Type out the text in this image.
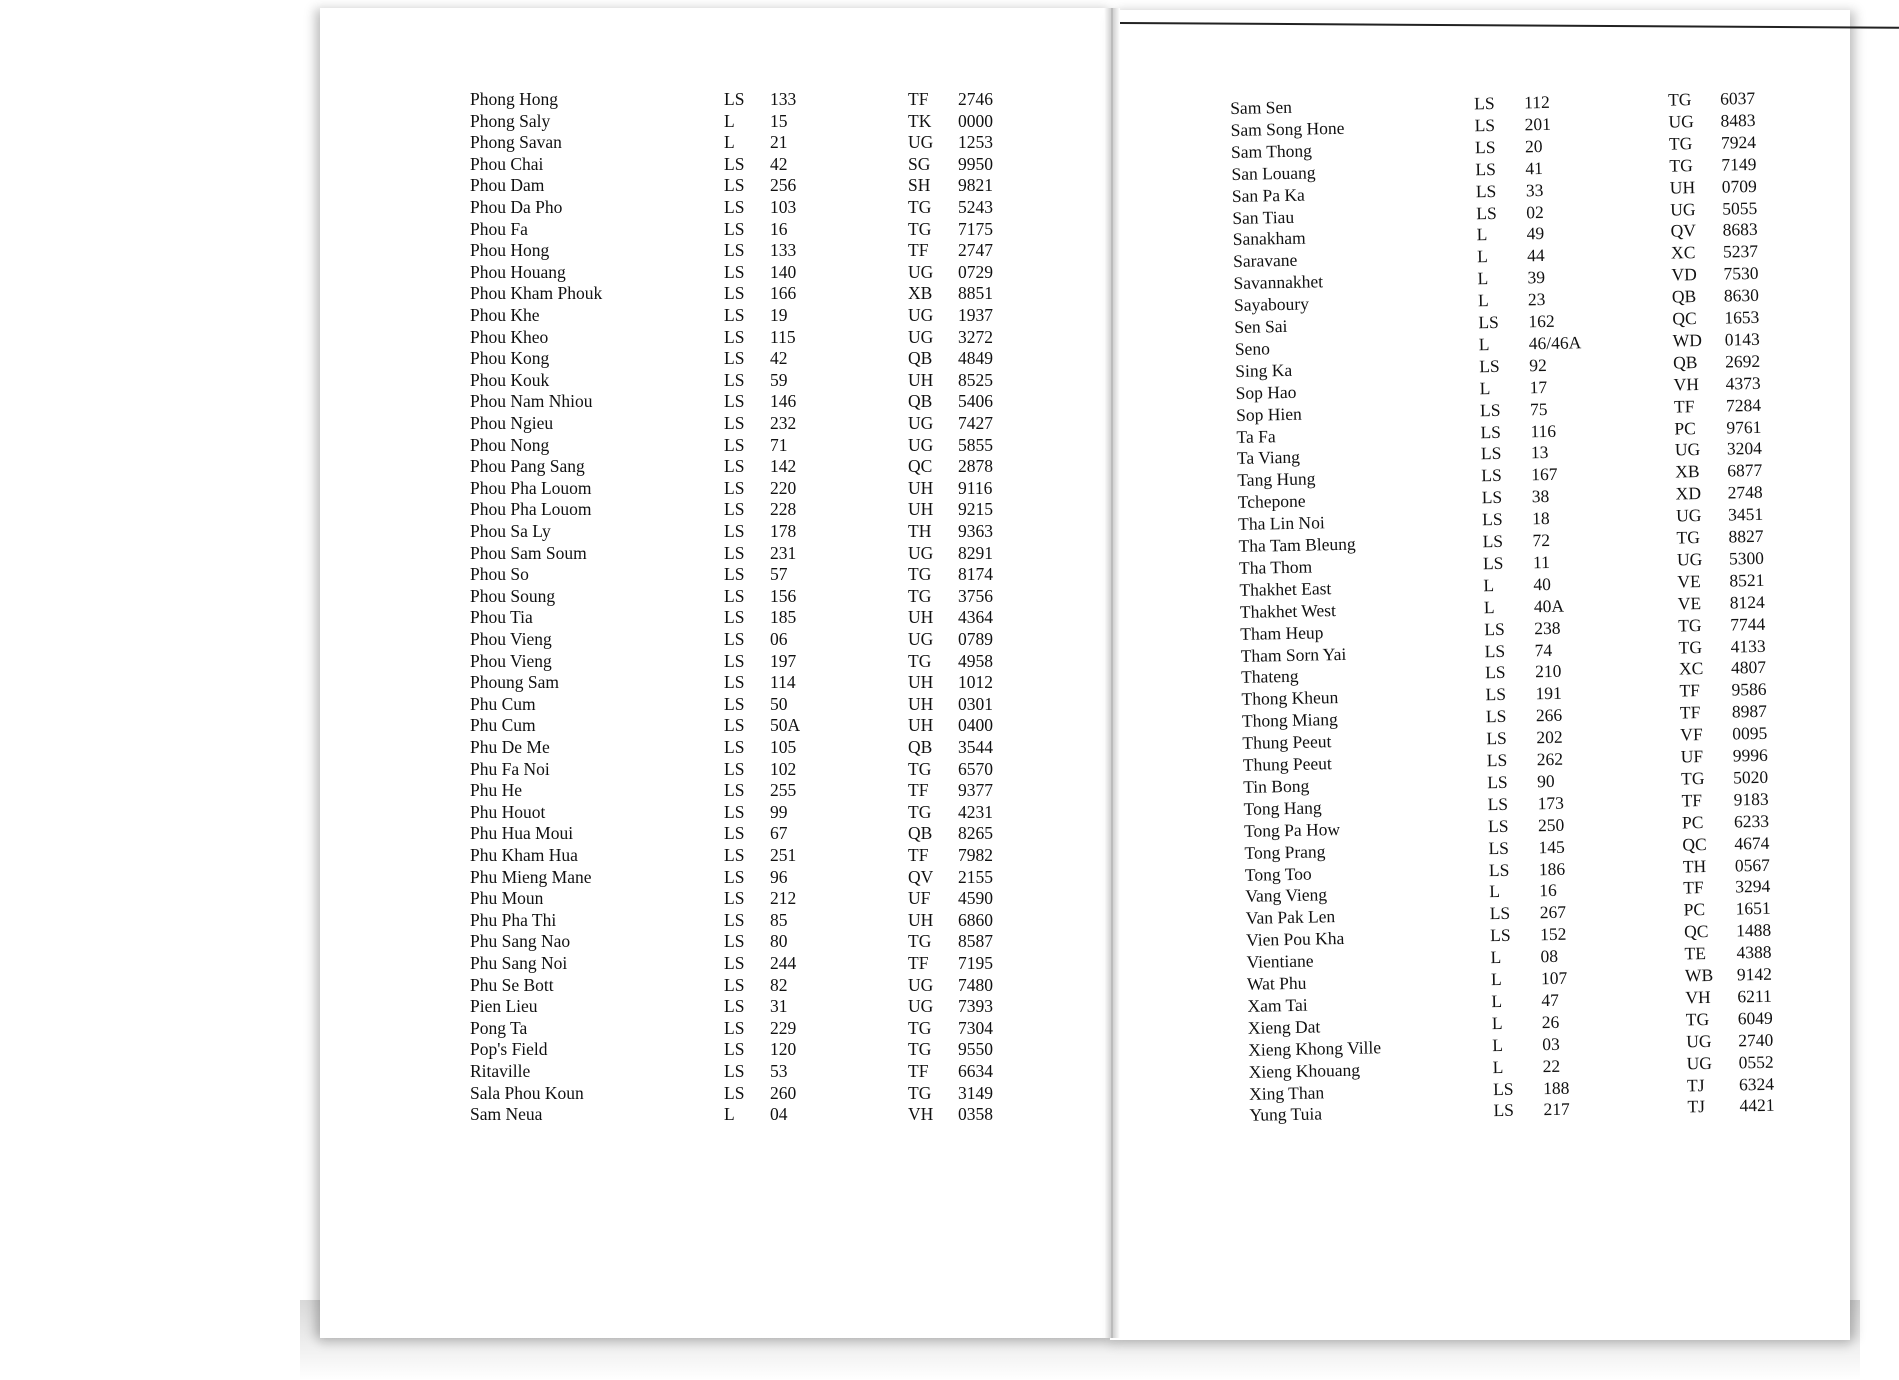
Phong Hong	LS 133	TF 2746
Phong Saly	L 15	TK 0000
Phong Savan	L 21	UG 1253
Phou Chai	LS 42	SG 9950
Phou Dam	LS 256	SH 9821
Phou Da Pho	LS 103	TG 5243
Phou Fa	LS 16	TG 7175
Phou Hong	LS 133	TF 2747
Phou Houang	LS 140	UG 0729
Phou Kham Phouk	LS 166	XB 8851
Phou Khe	LS 19	UG 1937
Phou Kheo	LS 115	UG 3272
Phou Kong	LS 42	QB 4849
Phou Kouk	LS 59	UH 8525
Phou Nam Nhiou	LS 146	QB 5406
Phou Ngieu	LS 232	UG 7427
Phou Nong	LS 71	UG 5855
Phou Pang Sang	LS 142	QC 2878
Phou Pha Louom	LS 220	UH 9116
Phou Pha Louom	LS 228	UH 9215
Phou Sa Ly	LS 178	TH 9363
Phou Sam Soum	LS 231	UG 8291
Phou So	LS 57	TG 8174
Phou Soung	LS 156	TG 3756
Phou Tia	LS 185	UH 4364
Phou Vieng	LS 06	UG 0789
Phou Vieng	LS 197	TG 4958
Phoung Sam	LS 114	UH 1012
Phu Cum	LS 50	UH 0301
Phu Cum	LS 50A	UH 0400
Phu De Me	LS 105	QB 3544
Phu Fa Noi	LS 102	TG 6570
Phu He	LS 255	TF 9377
Phu Houot	LS 99	TG 4231
Phu Hua Moui	LS 67	QB 8265
Phu Kham Hua	LS 251	TF 7982
Phu Mieng Mane	LS 96	QV 2155
Phu Moun	LS 212	UF 4590
Phu Pha Thi	LS 85	UH 6860
Phu Sang Nao	LS 80	TG 8587
Phu Sang Noi	LS 244	TF 7195
Phu Se Bott	LS 82	UG 7480
Pien Lieu	LS 31	UG 7393
Pong Ta	LS 229	TG 7304
Pop's Field	LS 120	TG 9550
Ritaville	LS 53	TF 6634
Sala Phou Koun	LS 260	TG 3149
Sam Neua	L 04	VH 0358
Sam Sen	LS 112	TG 6037
Sam Song Hone	LS 201	UG 8483
Sam Thong	LS 20	TG 7924
San Louang	LS 41	TG 7149
San Pa Ka	LS 33	UH 0709
San Tiau	LS 02	UG 5055
Sanakham	L 49	QV 8683
Saravane	L 44	XC 5237
Savannakhet	L 39	VD 7530
Sayaboury	L 23	QB 8630
Sen Sai	LS 162	QC 1653
Seno	L 46/46A	WD 0143
Sing Ka	LS 92	QB 2692
Sop Hao	L 17	VH 4373
Sop Hien	LS 75	TF 7284
Ta Fa	LS 116	PC 9761
Ta Viang	LS 13	UG 3204
Tang Hung	LS 167	XB 6877
Tchepone	LS 38	XD 2748
Tha Lin Noi	LS 18	UG 3451
Tha Tam Bleung	LS 72	TG 8827
Tha Thom	LS 11	UG 5300
Thakhet East	L 40	VE 8521
Thakhet West	L 40A	VE 8124
Tham Heup	LS 238	TG 7744
Tham Sorn Yai	LS 74	TG 4133
Thateng	LS 210	XC 4807
Thong Kheun	LS 191	TF 9586
Thong Miang	LS 266	TF 8987
Thung Peeut	LS 202	VF 0095
Thung Peeut	LS 262	UF 9996
Tin Bong	LS 90	TG 5020
Tong Hang	LS 173	TF 9183
Tong Pa How	LS 250	PC 6233
Tong Prang	LS 145	QC 4674
Tong Too	LS 186	TH 0567
Vang Vieng	L 16	TF 3294
Van Pak Len	LS 267	PC 1651
Vien Pou Kha	LS 152	QC 1488
Vientiane	L 08	TE 4388
Wat Phu	L 107	WB 9142
Xam Tai	L 47	VH 6211
Xieng Dat	L 26	TG 6049
Xieng Khong Ville	L 03	UG 2740
Xieng Khouang	L 22	UG 0552
Xing Than	LS 188	TJ 6324
Yung Tuia	LS 217	TJ 4421
